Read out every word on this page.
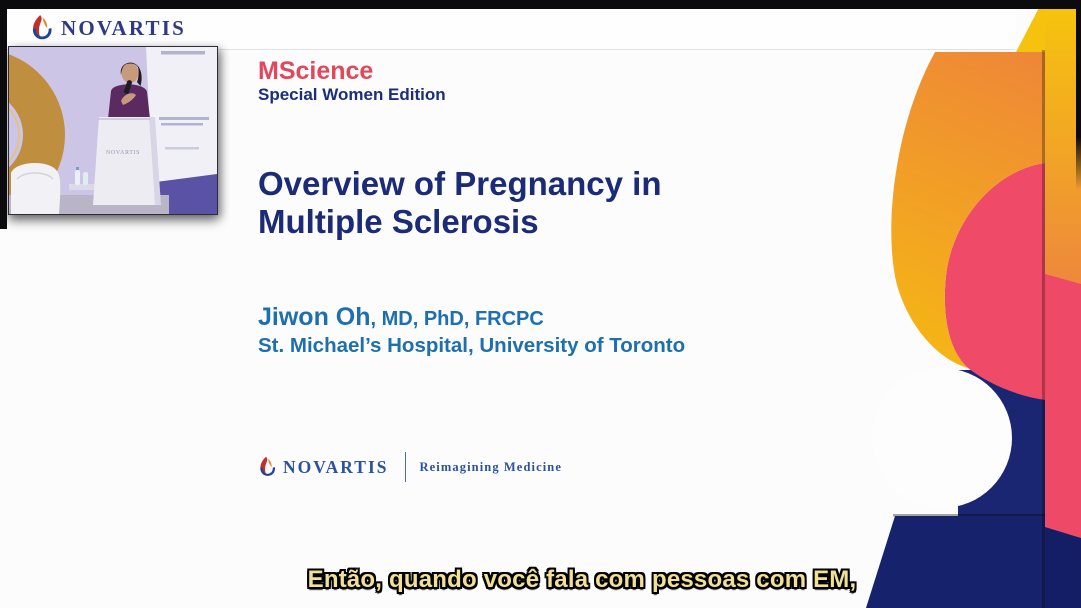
NOVARTIS
NOVARTIS
MScience
Special Women Edition
Overview of Pregnancy in
Multiple Sclerosis
Jiwon Oh, MD, PhD, FRCPC
St. Michael’s Hospital, University of Toronto
NOVARTIS Reimagining Medicine
Então, quando você fala com pessoas com EM,
